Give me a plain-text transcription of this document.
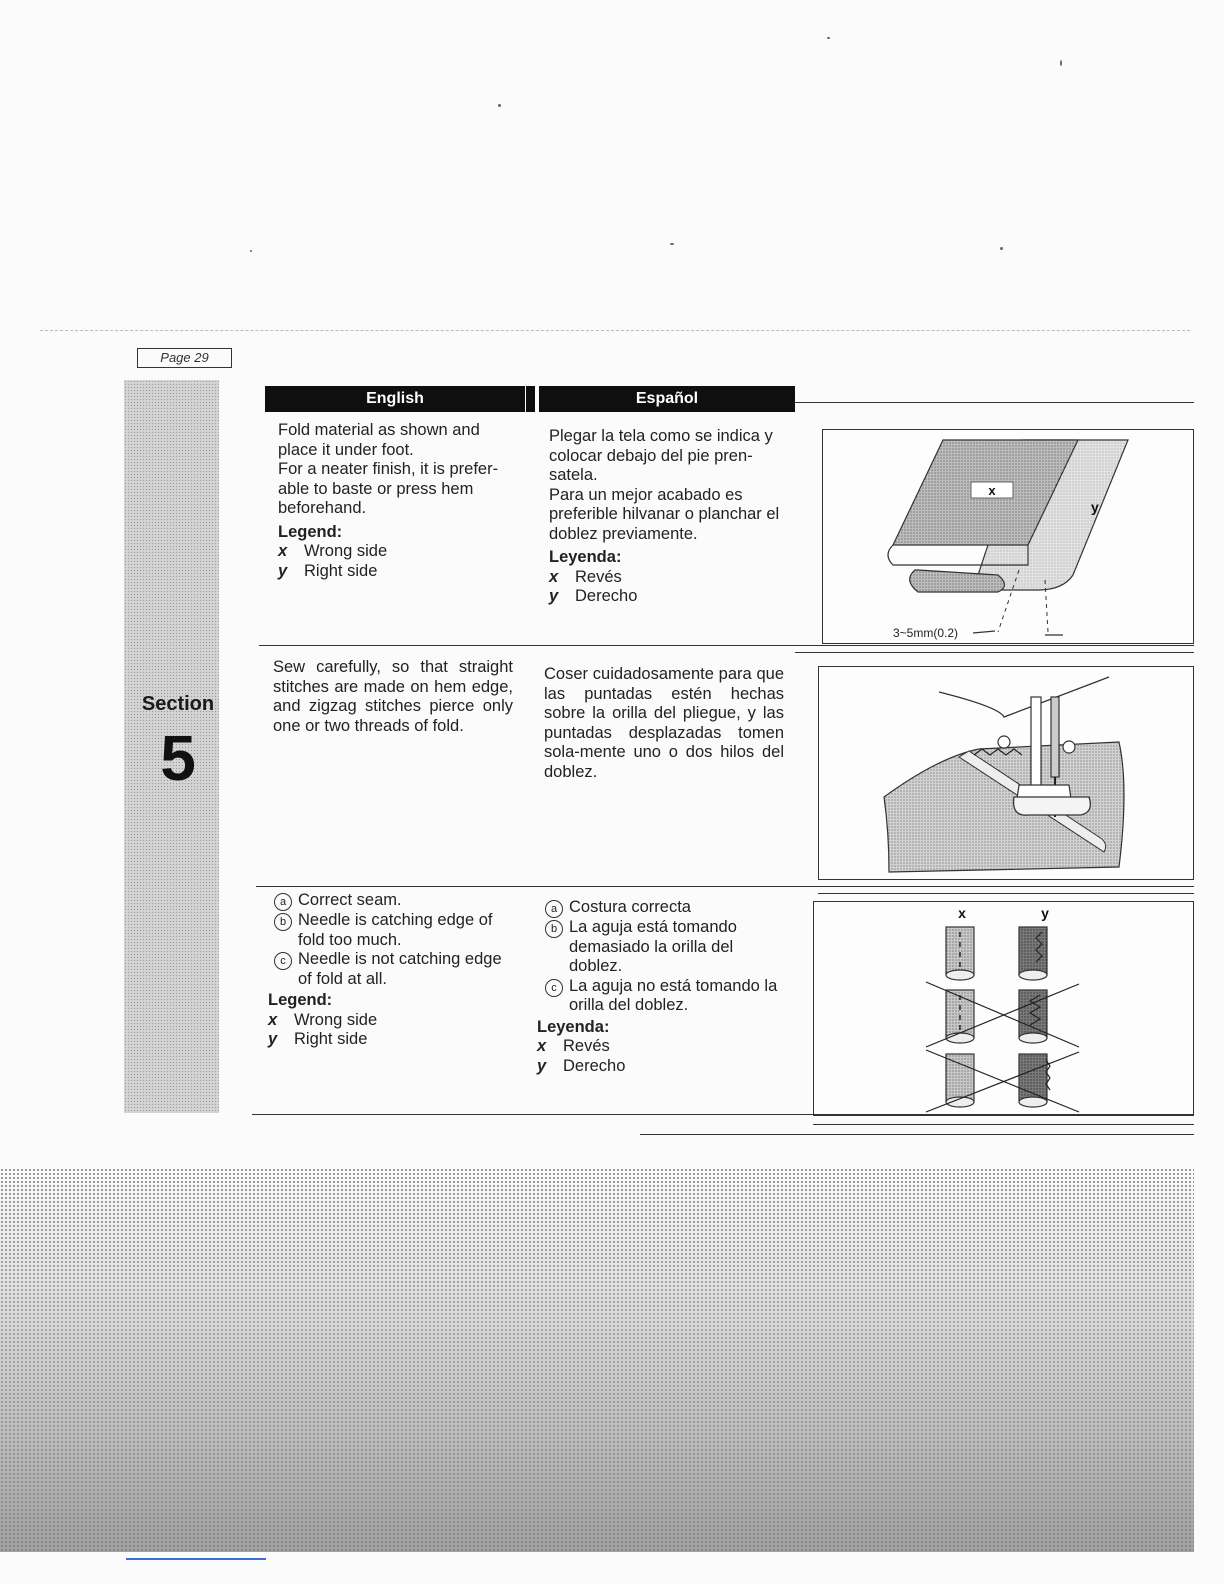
Page 29
Section
5
English	Español

Fold material as shown and place it under foot.

For a neater finish, it is prefer-able to baste or press hem beforehand.

Legend:

x	Wrong side
y	Right side

Plegar la tela como se indica y colocar debajo del pie pren-satela.

Para un mejor acabado es preferible hilvanar o planchar el doblez previamente.

Leyenda:

x	Revés
y	Derecho
x
y
3~5mm(0.2)

Sew carefully, so that straight stitches are made on hem edge, and zigzag stitches pierce only one or two threads of fold.

Coser cuidadosamente para que las puntadas estén hechas sobre la orilla del pliegue, y las puntadas desplazadas tomen sola-mente uno o dos hilos del doblez.

a Correct seam.
b Needle is catching edge of fold too much.
c Needle is not catching edge of fold at all.

Legend:

x	Wrong side
y	Right side
a Costura correcta
b La aguja está tomando demasiado la orilla del doblez.
c La aguja no está tomando la orilla del doblez.

Leyenda:

x	Revés
y	Derecho
x	y
